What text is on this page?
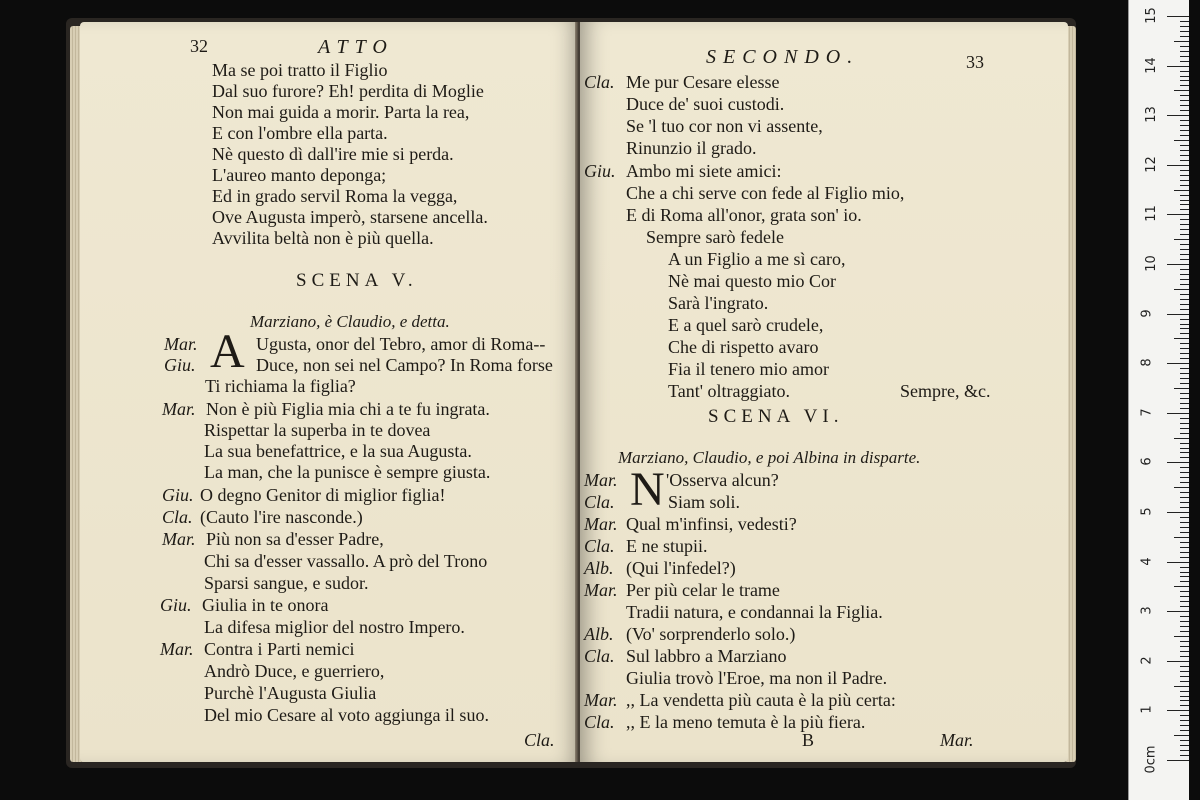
32	ATTO
Ma se poi tratto il Figlio
Dal suo furore? Eh! perdita di Moglie
Non mai guida a morir. Parta la rea,
E con l'ombre ella parta.
Nè questo dì dall'ire mie si perda.
L'aureo manto deponga;
Ed in grado servil Roma la vegga,
Ove Augusta imperò, starsene ancella.
Avvilita beltà non è più quella.
SCENA V.
Marziano, è Claudio, e detta.
A
Mar.	Ugusta, onor del Tebro, amor di Roma--
Giu.	Duce, non sei nel Campo? In Roma forse
Ti richiama la figlia?
Mar. Non è più Figlia mia chi a te fu ingrata.
Rispettar la superba in te dovea
La sua benefattrice, e la sua Augusta.
La man, che la punisce è sempre giusta.
Giu. O degno Genitor di miglior figlia!
Cla. (Cauto l'ire nasconde.)
Mar. Più non sa d'esser Padre,
Chi sa d'esser vassallo. A prò del Trono
Sparsi sangue, e sudor.
Giu. Giulia in te onora
La difesa miglior del nostro Impero.
Mar. Contra i Parti nemici
Andrò Duce, e guerriero,
Purchè l'Augusta Giulia
Del mio Cesare al voto aggiunga il suo.
Cla.
SECONDO.	33
Cla. Me pur Cesare elesse
Duce de' suoi custodi.
Se 'l tuo cor non vi assente,
Rinunzio il grado.
Giu. Ambo mi siete amici:
Che a chi serve con fede al Figlio mio,
E di Roma all'onor, grata son' io.
Sempre sarò fedele
A un Figlio a me sì caro,
Nè mai questo mio Cor
Sarà l'ingrato.
E a quel sarò crudele,
Che di rispetto avaro
Fia il tenero mio amor
Tant' oltraggiato.	Sempre, &c.
SCENA VI.
Marziano, Claudio, e poi Albina in disparte.
N
Mar.	'Osserva alcun?
Cla.	Siam soli.
Mar. Qual m'infinsi, vedesti?
Cla. E ne stupii.
Alb. (Qui l'infedel?)
Mar. Per più celar le trame
Tradii natura, e condannai la Figlia.
Alb. (Vo' sorprenderlo solo.)
Cla. Sul labbro a Marziano
Giulia trovò l'Eroe, ma non il Padre.
Mar. ,, La vendetta più cauta è la più certa:
Cla. ,, E la meno temuta è la più fiera.
B	Mar.
0cm
1
2
3
4
5
6
7
8
9
10
11
12
13
14
15
